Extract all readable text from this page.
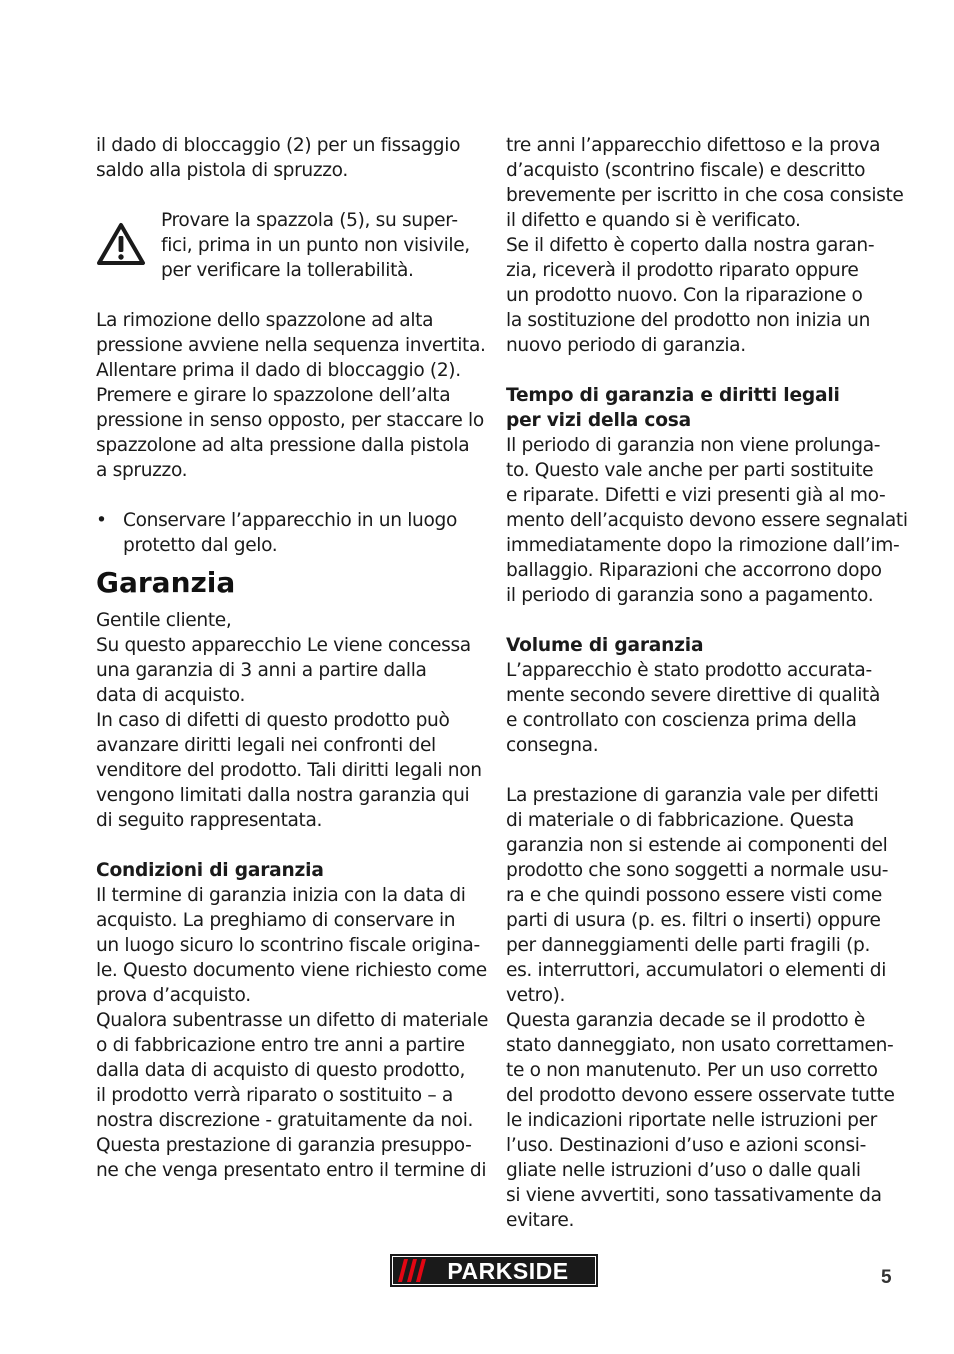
il dado di bloccaggio (2) per un fissaggio
saldo alla pistola di spruzzo.
Provare la spazzola (5), su super-
fici, prima in un punto non visivile,
per verificare la tollerabilità.
La rimozione dello spazzolone ad alta
pressione avviene nella sequenza invertita.
Allentare prima il dado di bloccaggio (2).
Premere e girare lo spazzolone dell’alta
pressione in senso opposto, per staccare lo
spazzolone ad alta pressione dalla pistola
a spruzzo.
• Conservare l’apparecchio in un luogo
protetto dal gelo.
Garanzia
Gentile cliente,
Su questo apparecchio Le viene concessa
una garanzia di 3 anni a partire dalla
data di acquisto.
In caso di difetti di questo prodotto può
avanzare diritti legali nei confronti del
venditore del prodotto. Tali diritti legali non
vengono limitati dalla nostra garanzia qui
di seguito rappresentata.
Condizioni di garanzia
Il termine di garanzia inizia con la data di
acquisto. La preghiamo di conservare in
un luogo sicuro lo scontrino fiscale origina-
le. Questo documento viene richiesto come
prova d’acquisto.
Qualora subentrasse un difetto di materiale
o di fabbricazione entro tre anni a partire
dalla data di acquisto di questo prodotto,
il prodotto verrà riparato o sostituito – a
nostra discrezione - gratuitamente da noi.
Questa prestazione di garanzia presuppo-
ne che venga presentato entro il termine di
tre anni l’apparecchio difettoso e la prova
d’acquisto (scontrino fiscale) e descritto
brevemente per iscritto in che cosa consiste
il difetto e quando si è verificato.
Se il difetto è coperto dalla nostra garan-
zia, riceverà il prodotto riparato oppure
un prodotto nuovo. Con la riparazione o
la sostituzione del prodotto non inizia un
nuovo periodo di garanzia.
Tempo di garanzia e diritti legali
per vizi della cosa
Il periodo di garanzia non viene prolunga-
to. Questo vale anche per parti sostituite
e riparate. Difetti e vizi presenti già al mo-
mento dell’acquisto devono essere segnalati
immediatamente dopo la rimozione dall’im-
ballaggio. Riparazioni che accorrono dopo
il periodo di garanzia sono a pagamento.
Volume di garanzia
L’apparecchio è stato prodotto accurata-
mente secondo severe direttive di qualità
e controllato con coscienza prima della
consegna.
La prestazione di garanzia vale per difetti
di materiale o di fabbricazione. Questa
garanzia non si estende ai componenti del
prodotto che sono soggetti a normale usu-
ra e che quindi possono essere visti come
parti di usura (p. es. filtri o inserti) oppure
per danneggiamenti delle parti fragili (p.
es. interruttori, accumulatori o elementi di
vetro).
Questa garanzia decade se il prodotto è
stato danneggiato, non usato correttamen-
te o non manutenuto. Per un uso corretto
del prodotto devono essere osservate tutte
le indicazioni riportate nelle istruzioni per
l’uso. Destinazioni d’uso e azioni sconsi-
gliate nelle istruzioni d’uso o dalle quali
si viene avvertiti, sono tassativamente da
evitare.
PARKSIDE	5
